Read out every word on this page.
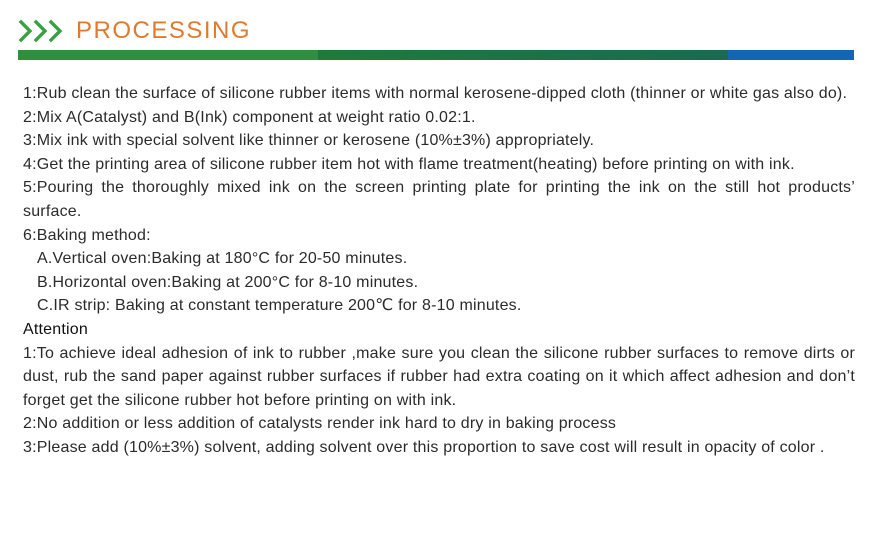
PROCESSING

1:Rub clean the surface of silicone rubber items with normal kerosene-dipped cloth (thinner or white gas also do).

2:Mix A(Catalyst) and B(Ink) component at weight ratio 0.02:1.

3:Mix ink with special solvent like thinner or kerosene (10%±3%) appropriately.

4:Get the printing area of silicone rubber item hot with flame treatment(heating) before printing on with ink.

5:Pouring the thoroughly mixed ink on the screen printing plate for printing the ink on the still hot products’ surface.

6:Baking method:

A.Vertical oven:Baking at 180°C for 20-50 minutes.

B.Horizontal oven:Baking at 200°C for 8-10 minutes.

C.IR strip: Baking at constant temperature 200℃ for 8-10 minutes.

Attention

1:To achieve ideal adhesion of ink to rubber ,make sure you clean the silicone rubber surfaces to remove dirts or dust, rub the sand paper against rubber surfaces if rubber had extra coating on it which affect adhesion and don’t forget get the silicone rubber hot before printing on with ink.

2:No addition or less addition of catalysts render ink hard to dry in baking process

3:Please add (10%±3%) solvent, adding solvent over this proportion to save cost will result in opacity of color .
